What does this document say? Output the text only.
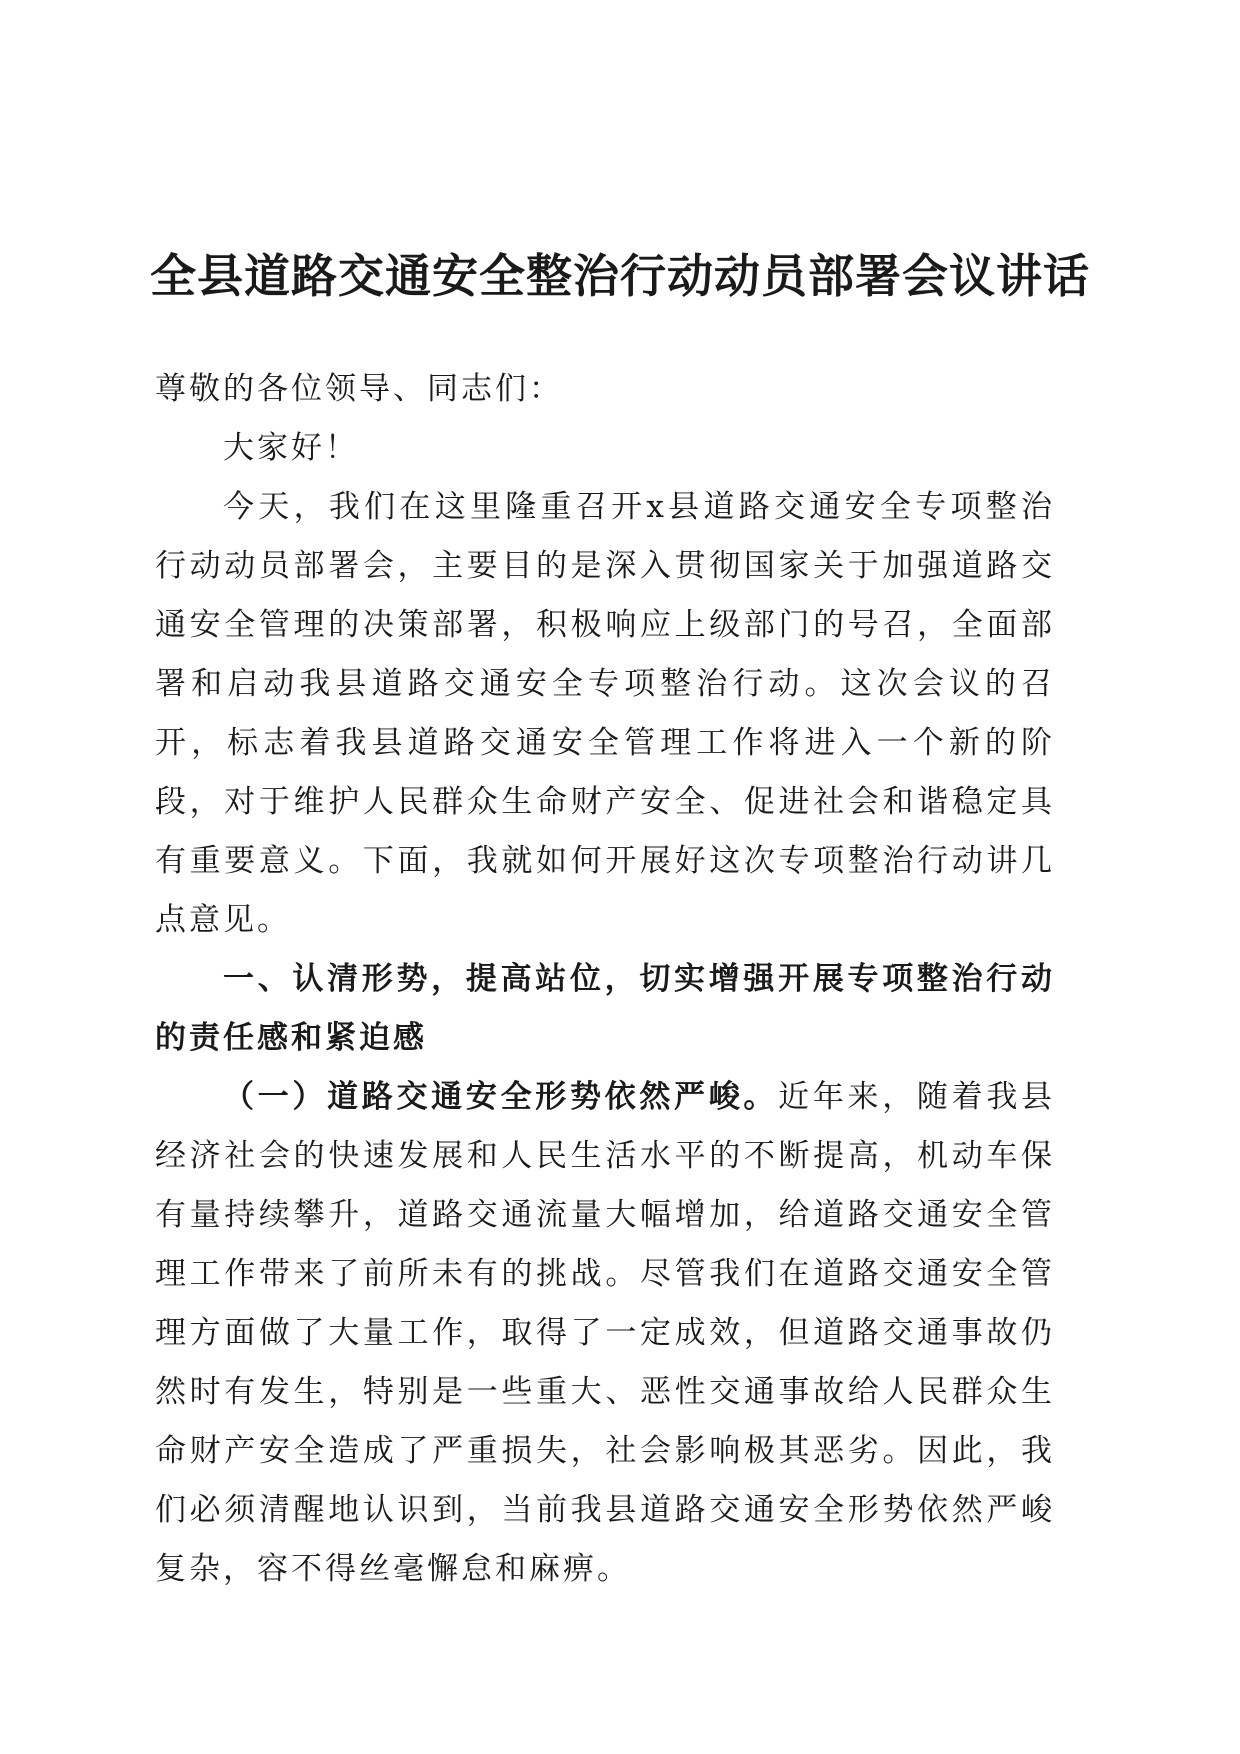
全县道路交通安全整治行动动员部署会议讲话

尊敬的各位领导、同志们：

大家好！

今天，我们在这里隆重召开x县道路交通安全专项整治行动动员部署会，主要目的是深入贯彻国家关于加强道路交通安全管理的决策部署，积极响应上级部门的号召，全面部署和启动我县道路交通安全专项整治行动。这次会议的召开，标志着我县道路交通安全管理工作将进入一个新的阶段，对于维护人民群众生命财产安全、促进社会和谐稳定具有重要意义。下面，我就如何开展好这次专项整治行动讲几点意见。

一、认清形势，提高站位，切实增强开展专项整治行动的责任感和紧迫感

（一）道路交通安全形势依然严峻。近年来，随着我县经济社会的快速发展和人民生活水平的不断提高，机动车保有量持续攀升，道路交通流量大幅增加，给道路交通安全管理工作带来了前所未有的挑战。尽管我们在道路交通安全管理方面做了大量工作，取得了一定成效，但道路交通事故仍然时有发生，特别是一些重大、恶性交通事故给人民群众生命财产安全造成了严重损失，社会影响极其恶劣。因此，我们必须清醒地认识到，当前我县道路交通安全形势依然严峻复杂，容不得丝毫懈怠和麻痹。
